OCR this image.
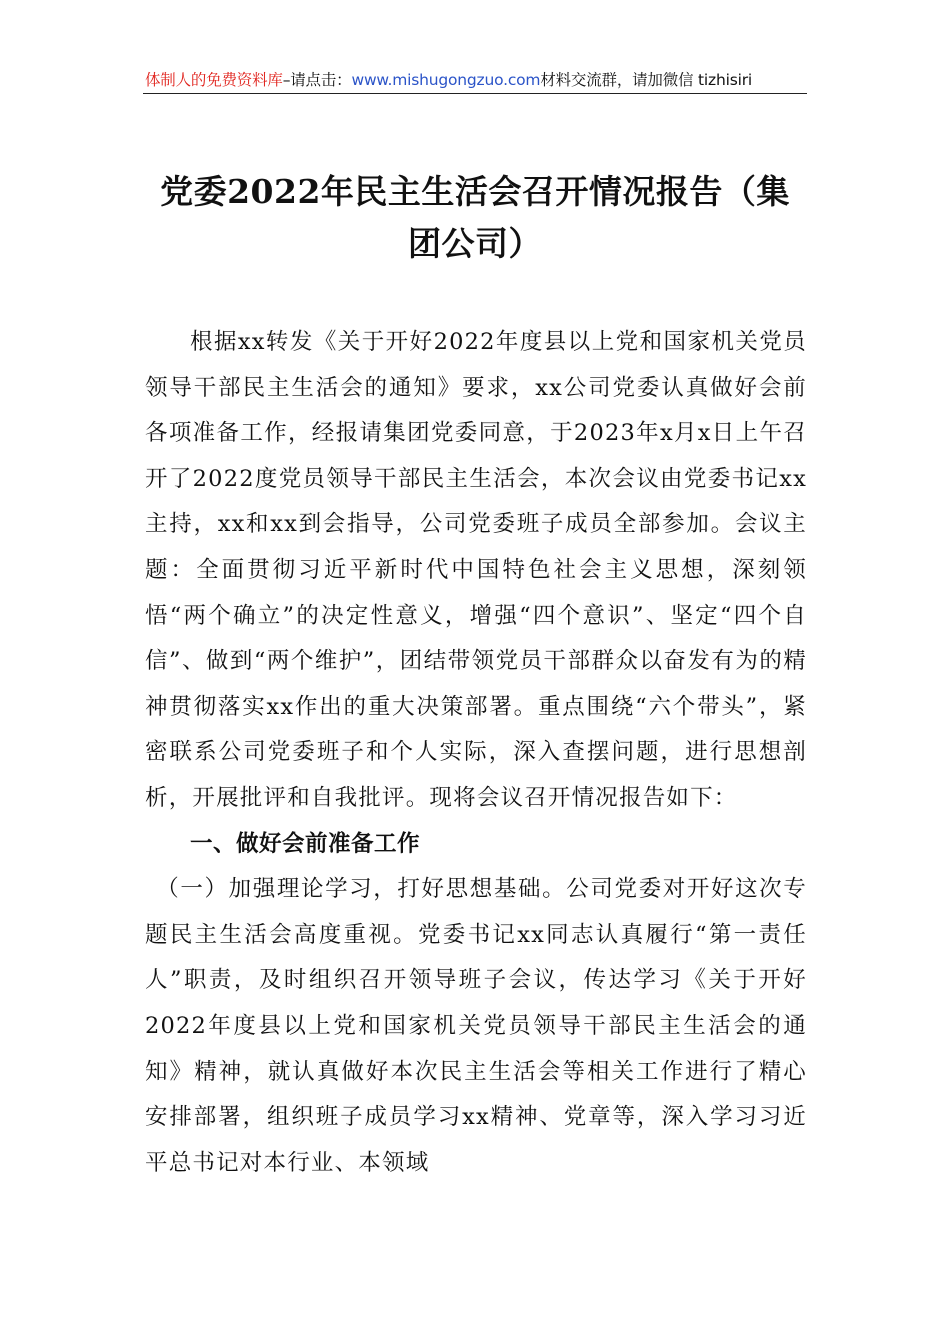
体制人的免费资料库–请点击：www.mishugongzuo.com材料交流群，请加微信 tizhisiri
党委2022年民主生活会召开情况报告（集团公司）

根据xx转发《关于开好2022年度县以上党和国家机关党员领导干部民主生活会的通知》要求，xx公司党委认真做好会前各项准备工作，经报请集团党委同意，于2023年x月x日上午召开了2022度党员领导干部民主生活会，本次会议由党委书记xx主持，xx和xx到会指导，公司党委班子成员全部参加。会议主题：全面贯彻习近平新时代中国特色社会主义思想，深刻领悟“两个确立”的决定性意义，增强“四个意识”、坚定“四个自信”、做到“两个维护”，团结带领党员干部群众以奋发有为的精神贯彻落实xx作出的重大决策部署。重点围绕“六个带头”，紧密联系公司党委班子和个人实际，深入查摆问题，进行思想剖析，开展批评和自我批评。现将会议召开情况报告如下：

一、做好会前准备工作

（一）加强理论学习，打好思想基础。公司党委对开好这次专题民主生活会高度重视。党委书记xx同志认真履行“第一责任人”职责，及时组织召开领导班子会议，传达学习《关于开好2022年度县以上党和国家机关党员领导干部民主生活会的通知》精神，就认真做好本次民主生活会等相关工作进行了精心安排部署，组织班子成员学习xx精神、党章等，深入学习习近平总书记对本行业、本领域
